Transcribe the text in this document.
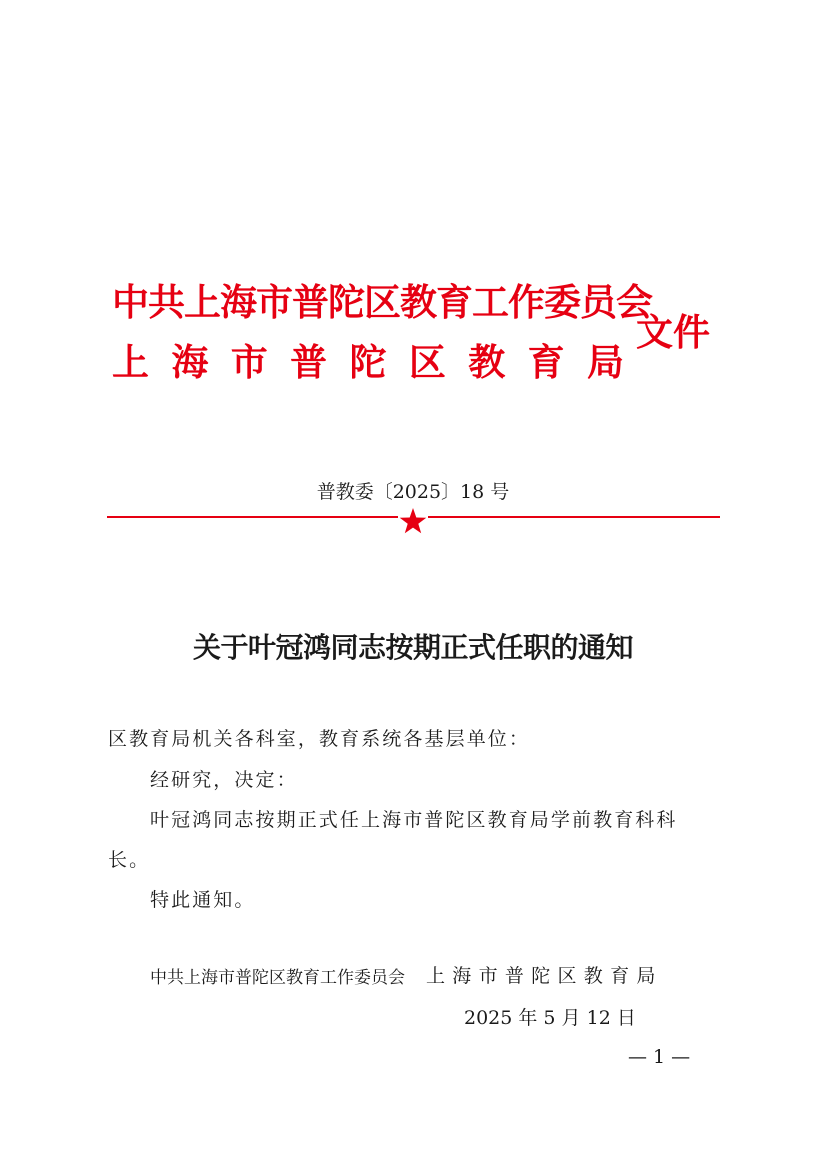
中共上海市普陀区教育工作委员会
上 海 市 普 陀 区 教 育 局
文件
普教委〔2025〕18 号
关于叶冠鸿同志按期正式任职的通知
区教育局机关各科室，教育系统各基层单位：
经研究，决定：
叶冠鸿同志按期正式任上海市普陀区教育局学前教育科科
长。
特此通知。
中共上海市普陀区教育工作委员会 上海市普陀区教育局
2025 年 5 月 12 日
— 1 —
